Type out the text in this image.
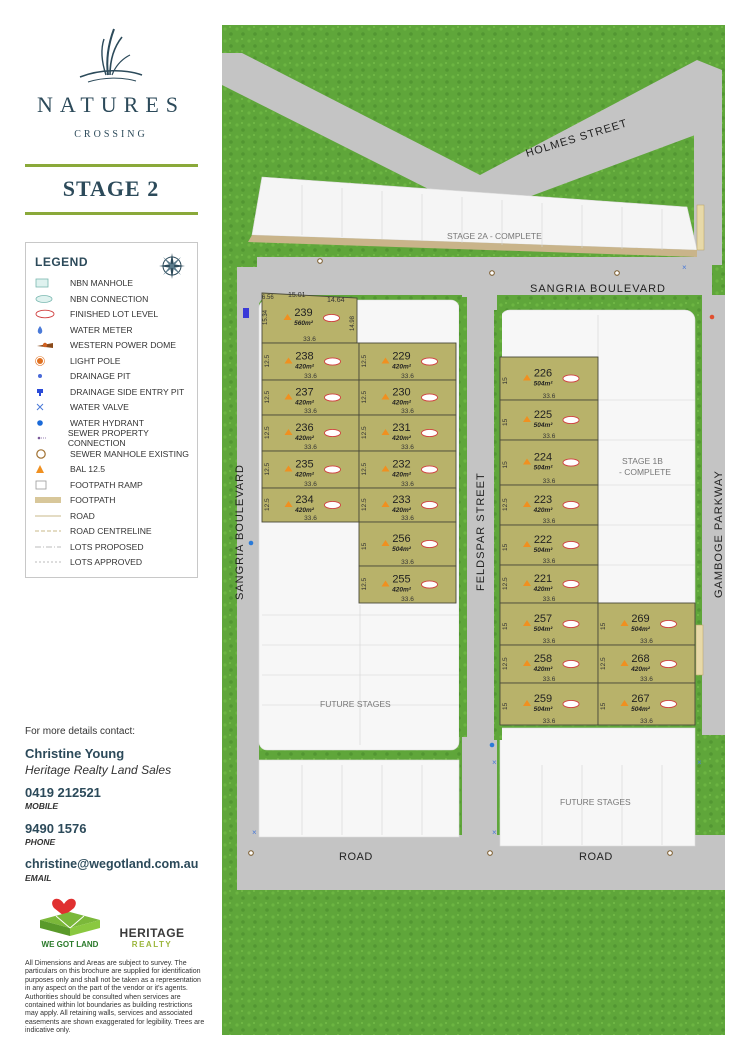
NATURES
CROSSING
STAGE 2
LEGEND
NBN MANHOLE
NBN CONNECTION
FINISHED LOT LEVEL
WATER METER
WESTERN POWER DOME
LIGHT POLE
DRAINAGE PIT
DRAINAGE SIDE ENTRY PIT
WATER VALVE
WATER HYDRANT
SEWER PROPERTY CONNECTION
SEWER MANHOLE EXISTING
BAL 12.5
FOOTPATH RAMP
FOOTPATH
ROAD
ROAD CENTRELINE
LOTS PROPOSED
LOTS APPROVED
For more details contact:
Christine Young
Heritage Realty Land Sales
0419 212521
MOBILE
9490 1576
PHONE
christine@wegotland.com.au
EMAIL
WE GOT LAND
HERITAGE
REALTY
All Dimensions and Areas are subject to survey. The particulars on this brochure are supplied for identification purposes only and shall not be taken as a representation in any aspect on the part of the vendor or it's agents. Authorities should be consulted when services are contained within lot boundaries as building restrictions may apply. All retaining walls, services and associated easements are shown exaggerated for legibility. Trees are indicative only.
239
560m²
33.6
238
420m²
33.6
12.5
237
420m²
33.6
12.5
236
420m²
33.6
12.5
235
420m²
33.6
12.5
234
420m²
33.6
12.5
229
420m²
33.6
12.5
230
420m²
33.6
12.5
231
420m²
33.6
12.5
232
420m²
33.6
12.5
233
420m²
33.6
12.5
256
504m²
33.6
15
255
420m²
33.6
12.5
226
504m²
33.6
15
225
504m²
33.6
15
224
504m²
33.6
15
223
420m²
33.6
12.5
222
504m²
33.6
15
221
420m²
33.6
12.5
257
504m²
33.6
15
258
420m²
33.6
12.5
259
504m²
33.6
15
269
504m²
33.6
15
268
420m²
33.6
12.5
267
504m²
33.6
15
15.01
14.64
6.56
15.34	14.98
HOLMES STREET
SANGRIA BOULEVARD
SANGRIA BOULEVARD	FELDSPAR STREET	GAMBOGE PARKWAY
ROAD	ROAD
STAGE 2A - COMPLETE
STAGE 1B
- COMPLETE
FUTURE STAGES
FUTURE STAGES
×	×
×	×
×
